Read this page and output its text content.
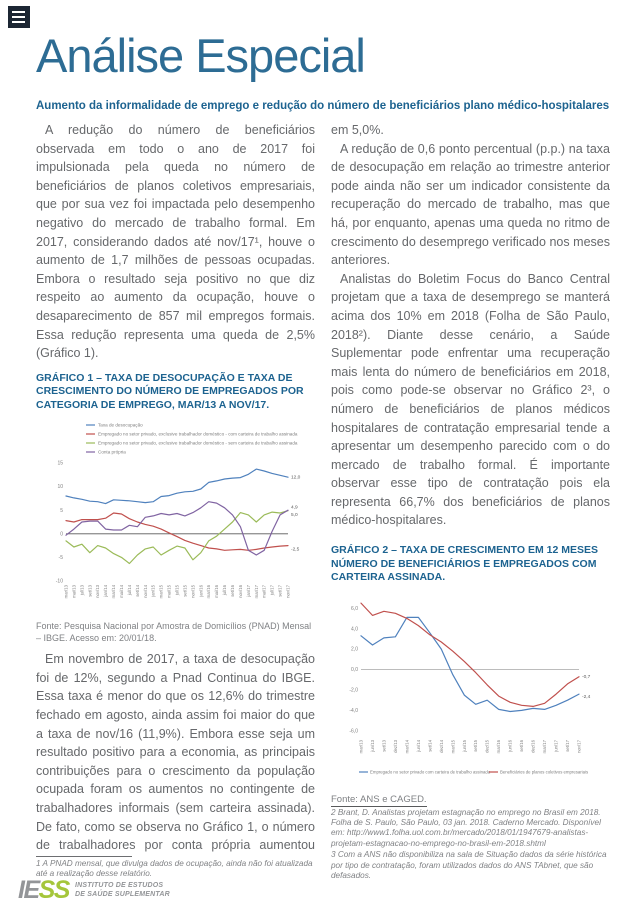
Análise Especial
Aumento da informalidade de emprego e redução do número de beneficiários plano médico-hospitalares

A redução do número de beneficiários observada em todo o ano de 2017 foi impulsionada pela queda no número de beneficiários de planos coletivos empresariais, que por sua vez foi impactada pelo desempenho negativo do mercado de trabalho formal. Em 2017, considerando dados até nov/17¹, houve o aumento de 1,7 milhões de pessoas ocupadas. Embora o resultado seja positivo no que diz respeito ao aumento da ocupação, houve o desaparecimento de 857 mil empregos formais. Essa redução representa uma queda de 2,5% (Gráfico 1).

GRÁFICO 1 – TAXA DE DESOCUPAÇÃO E TAXA DE CRESCIMENTO DO NÚMERO DE EMPREGADOS POR CATEGORIA DE EMPREGO, MAR/13 A NOV/17.
15
10
5
0
-5
-10
mar/13 mai/13 jul/13 set/13 nov/13 jan/14 mar/14 mai/14 jul/14 set/14 nov/14 jan/15 mar/15 mai/15 jul/15 set/15 nov/15 jan/16 mar/16 mai/16 jul/16 set/16 nov/16 jan/17 mar/17 mai/17 jul/17 set/17 nov/17
12,0
-2,5
4,9
5,0
Taxa de desocupação
Empregado no setor privado, exclusive trabalhador doméstico - com carteira de trabalho assinada
Empregado no setor privado, exclusive trabalhador doméstico - sem carteira de trabalho assinada
Conta própria
Fonte: Pesquisa Nacional por Amostra de Domicílios (PNAD) Mensal – IBGE. Acesso em: 20/01/18.

Em novembro de 2017, a taxa de desocupação foi de 12%, segundo a Pnad Continua do IBGE. Essa taxa é menor do que os 12,6% do trimestre fechado em agosto, ainda assim foi maior do que a taxa de nov/16 (11,9%). Embora esse seja um resultado positivo para a economia, as principais contribuições para o crescimento da população ocupada foram os aumentos no contingente de trabalhadores informais (sem carteira assinada). De fato, como se observa no Gráfico 1, o número de trabalhadores por conta própria aumentou

1 A PNAD mensal, que divulga dados de ocupação, ainda não foi atualizada até a realização desse relatório.

em 5,0%.

A redução de 0,6 ponto percentual (p.p.) na taxa de desocupação em relação ao trimestre anterior pode ainda não ser um indicador consistente da recuperação do mercado de trabalho, mas que há, por enquanto, apenas uma queda no ritmo de crescimento do desemprego verificado nos meses anteriores.

Analistas do Boletim Focus do Banco Central projetam que a taxa de desemprego se manterá acima dos 10% em 2018 (Folha de São Paulo, 2018²). Diante desse cenário, a Saúde Suplementar pode enfrentar uma recuperação mais lenta do número de beneficiários em 2018, pois como pode-se observar no Gráfico 2³, o número de beneficiários de planos médicos hospitalares de contratação empresarial tende a apresentar um desempenho parecido com o do mercado de trabalho formal. É importante observar esse tipo de contratação pois ela representa 66,7% dos beneficiários de planos médico-hospitalares.

GRÁFICO 2 – TAXA DE CRESCIMENTO EM 12 MESES NÚMERO DE BENEFICIÁRIOS E EMPREGADOS COM CARTEIRA ASSINADA.
6,0
4,0
2,0
0,0
-2,0
-4,0
-6,0
mar/13 jun/13 set/13 dez/13 mar/14 jun/14 set/14 dez/14 mar/15 jun/15 set/15 dez/15 mar/16 jun/16 set/16 dez/16 mar/17 jun/17 set/17 nov/17
-2,4
-0,7
Empregado no setor privado com carteira de trabalho assinada Beneficiários de planos coletivos empresariais
Fonte: ANS e CAGED.
2 Brant, D. Analistas projetam estagnação no emprego no Brasil em 2018. Folha de S. Paulo, São Paulo, 03 jan. 2018. Caderno Mercado. Disponível em: http://www1.folha.uol.com.br/mercado/2018/01/1947679-analistas-projetam-estagnacao-no-emprego-no-brasil-em-2018.shtml
3 Com a ANS não disponibiliza na sala de Situação dados da série histórica por tipo de contratação, foram utilizados dados do ANS TAbnet, que são defasados.
IESS INSTITUTO DE ESTUDOS
DE SAÚDE SUPLEMENTAR
